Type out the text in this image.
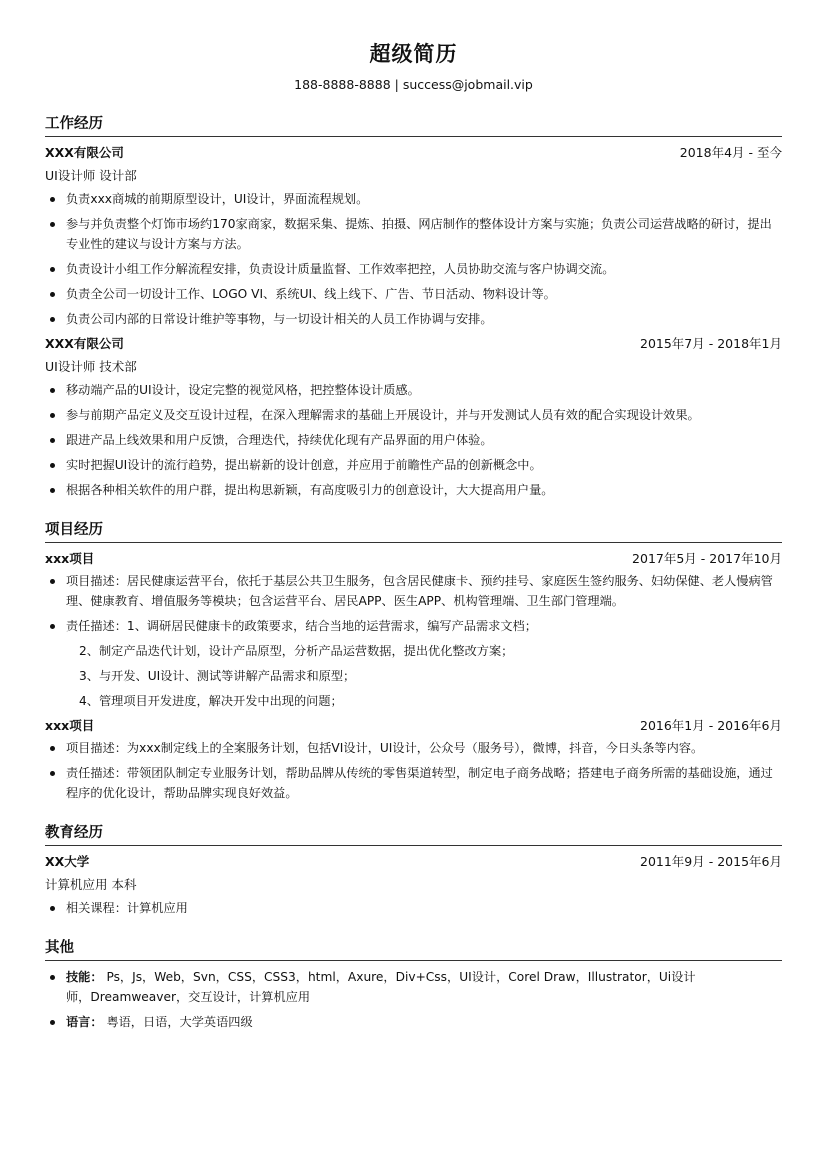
超级简历
188-8888-8888 | success@jobmail.vip
工作经历
XXX有限公司	2018年4月 - 至今
UI设计师 设计部
负责xxx商城的前期原型设计，UI设计，界面流程规划。
参与并负责整个灯饰市场约170家商家，数据采集、提炼、拍摄、网店制作的整体设计方案与实施；负责公司运营战略的研讨，提出专业性的建议与设计方案与方法。
负责设计小组工作分解流程安排，负责设计质量监督、工作效率把控，人员协助交流与客户协调交流。
负责全公司一切设计工作、LOGO VI、系统UI、线上线下、广告、节日活动、物料设计等。
负责公司内部的日常设计维护等事物，与一切设计相关的人员工作协调与安排。
XXX有限公司	2015年7月 - 2018年1月
UI设计师 技术部
移动端产品的UI设计，设定完整的视觉风格，把控整体设计质感。
参与前期产品定义及交互设计过程，在深入理解需求的基础上开展设计，并与开发测试人员有效的配合实现设计效果。
跟进产品上线效果和用户反馈，合理迭代，持续优化现有产品界面的用户体验。
实时把握UI设计的流行趋势，提出崭新的设计创意，并应用于前瞻性产品的创新概念中。
根据各种相关软件的用户群，提出构思新颖，有高度吸引力的创意设计，大大提高用户量。
项目经历
xxx项目	2017年5月 - 2017年10月
项目描述：居民健康运营平台，依托于基层公共卫生服务，包含居民健康卡、预约挂号、家庭医生签约服务、妇幼保健、老人慢病管理、健康教育、增值服务等模块；包含运营平台、居民APP、医生APP、机构管理端、卫生部门管理端。
责任描述：1、调研居民健康卡的政策要求，结合当地的运营需求，编写产品需求文档；
2、制定产品迭代计划，设计产品原型，分析产品运营数据，提出优化整改方案；
3、与开发、UI设计、测试等讲解产品需求和原型；
4、管理项目开发进度，解决开发中出现的问题；
xxx项目	2016年1月 - 2016年6月
项目描述：为xxx制定线上的全案服务计划，包括VI设计，UI设计，公众号（服务号），微博，抖音，今日头条等内容。
责任描述：带领团队制定专业服务计划，帮助品牌从传统的零售渠道转型，制定电子商务战略；搭建电子商务所需的基础设施，通过程序的优化设计，帮助品牌实现良好效益。
教育经历
XX大学	2011年9月 - 2015年6月
计算机应用 本科
相关课程：计算机应用
其他
技能： Ps，Js，Web，Svn，CSS，CSS3，html，Axure，Div+Css，UI设计，Corel Draw，Illustrator，Ui设计师，Dreamweaver，交互设计，计算机应用
语言： 粤语，日语，大学英语四级
